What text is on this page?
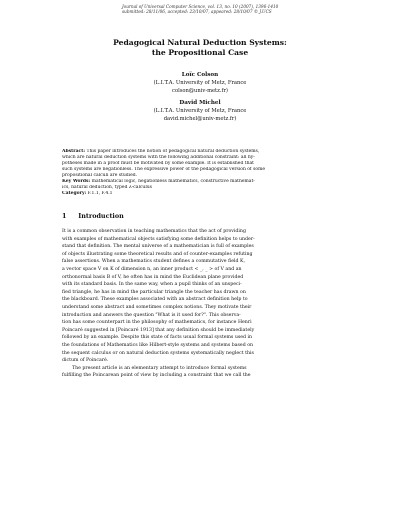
Journal of Universal Computer Science, vol. 13, no. 10 (2007), 1396-1410
submitted: 28/11/06, accepted: 23/10/07, appeared: 28/10/07 © J.UCS
Pedagogical Natural Deduction Systems:
the Propositional Case
Loïc Colson
(L.I.T.A. University of Metz, France
colson@univ-metz.fr)
David Michel
(L.I.T.A. University of Metz, France
david.michel@univ-metz.fr)
Abstract: This paper introduces the notion of pedagogical natural deduction systems,
which are natural deduction systems with the following additional constraint: all hy-
potheses made in a proof must be motivated by some example. It is established that
such systems are negationless. The expressive power of the pedagogical version of some
propositional calculi are studied.
Key Words: mathematical logic, negationless mathematics, constructive mathemat-
ics, natural deduction, typed λ-calculus
Category: F.1.1, F.4.1
1 Introduction
It is a common observation in teaching mathematics that the act of providing
with examples of mathematical objects satisfying some definition helps to under-
stand that definition. The mental universe of a mathematician is full of examples
of objects illustrating some theoretical results and of counter-examples refuting
false assertions. When a mathematics student defines a commutative field K,
a vector space V on K of dimension n, an inner product < _, _ > of V and an
orthonormal basis B of V, he often has in mind the Euclidean plane provided
with its standard basis. In the same way, when a pupil thinks of an unspeci-
fied triangle, he has in mind the particular triangle the teacher has drawn on
the blackboard. These examples associated with an abstract definition help to
understand some abstract and sometimes complex notions. They motivate their
introduction and answers the question "What is it used for?". This observa-
tion has some counterpart in the philosophy of mathematics, for instance Henri
Poincaré suggested in [Poincaré 1913] that any definition should be immediately
followed by an example. Despite this state of facts usual formal systems used in
the foundations of Mathematics like Hilbert-style systems and systems based on
the sequent calculus or on natural deduction systems systematically neglect this
dictum of Poincaré.
The present article is an elementary attempt to introduce formal systems
fulfilling the Poincarean point of view by including a constraint that we call the
